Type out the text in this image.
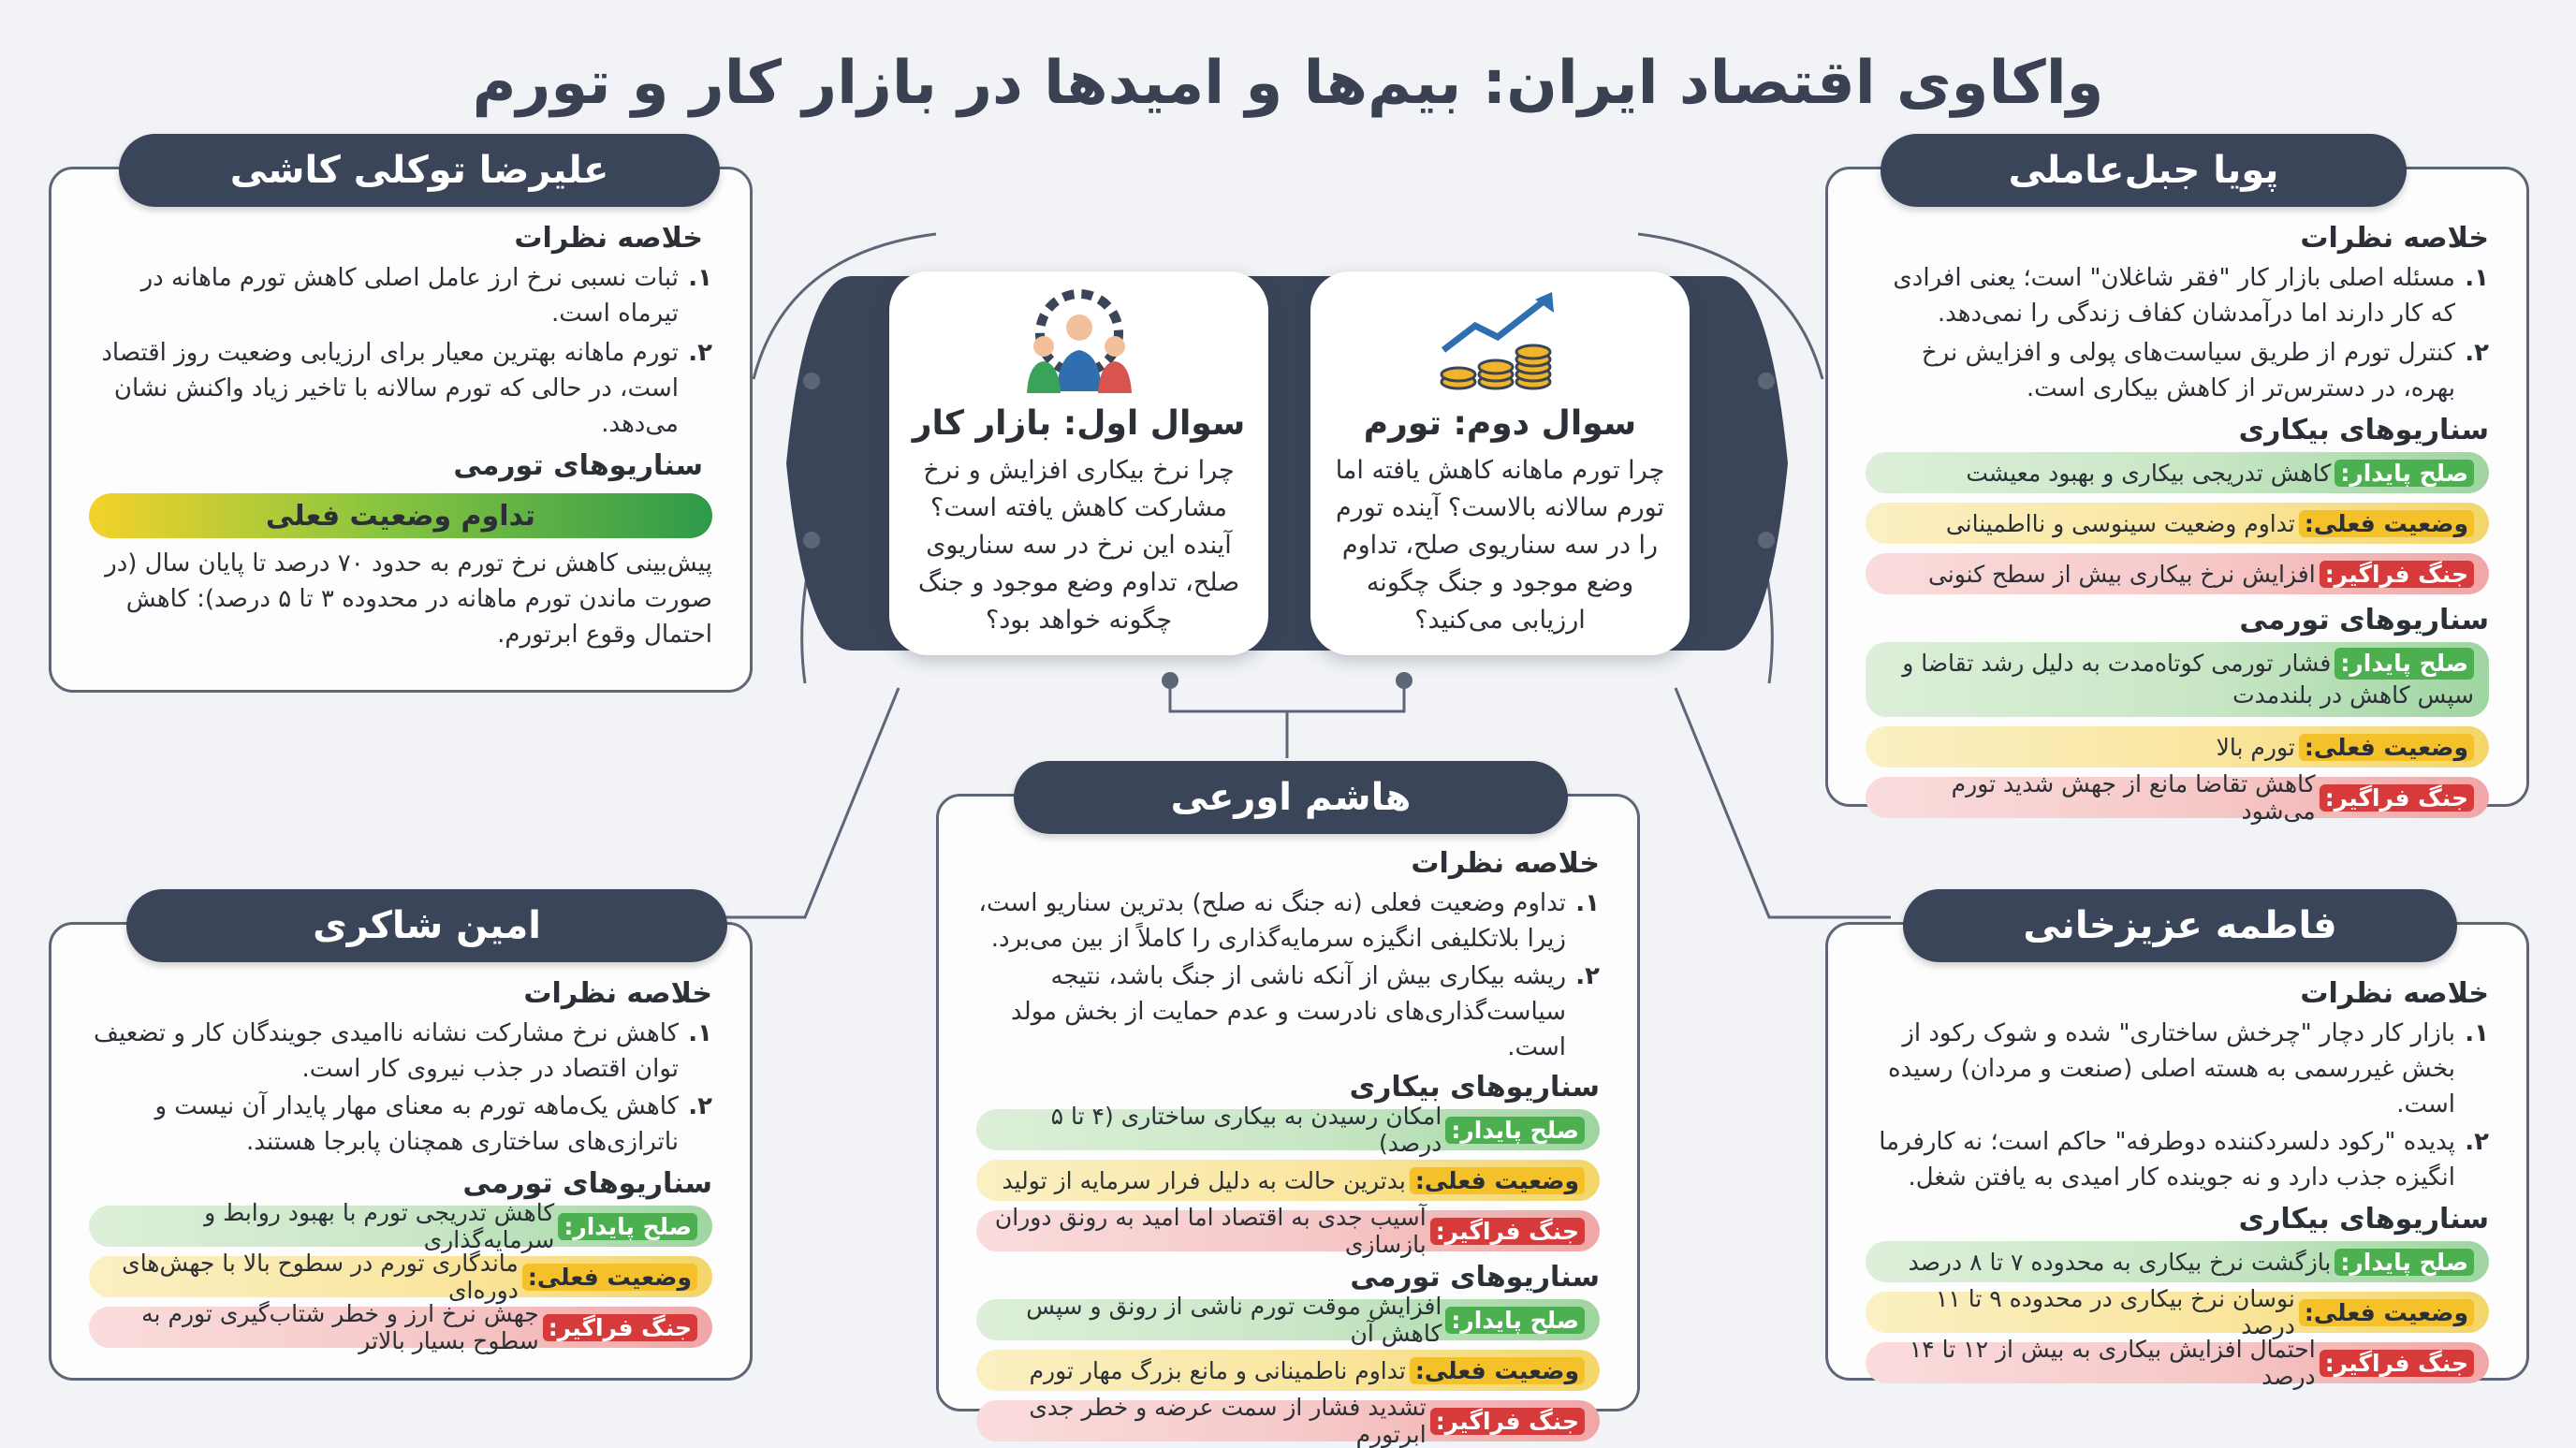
واکاوی اقتصاد ایران: بیم‌ها و امیدها در بازار کار و تورم
سوال اول: بازار کار
چرا نرخ بیکاری افزایش و نرخ مشارکت کاهش یافته است؟ آینده این نرخ در سه سناریوی صلح، تداوم وضع موجود و جنگ چگونه خواهد بود؟
سوال دوم: تورم
چرا تورم ماهانه کاهش یافته اما تورم سالانه بالاست؟ آینده تورم را در سه سناریوی صلح، تداوم وضع موجود و جنگ چگونه ارزیابی می‌کنید؟
علیرضا توکلی کاشی
خلاصه نظرات
۱.
ثبات نسبی نرخ ارز عامل اصلی کاهش تورم ماهانه در تیرماه است.
۲.
تورم ماهانه بهترین معیار برای ارزیابی وضعیت روز اقتصاد است، در حالی که تورم سالانه با تاخیر زیاد واکنش نشان می‌دهد.
سناریوهای تورمی
تداوم وضعیت فعلی
پیش‌بینی کاهش نرخ تورم به حدود ۷۰ درصد تا پایان سال (در صورت ماندن تورم ماهانه در محدوده ۳ تا ۵ درصد): کاهش احتمال وقوع ابرتورم.
پویا جبل‌عاملی
خلاصه نظرات
۱.
مسئله اصلی بازار کار "فقر شاغلان" است؛ یعنی افرادی که کار دارند اما درآمدشان کفاف زندگی را نمی‌دهد.
۲.
کنترل تورم از طریق سیاست‌های پولی و افزایش نرخ بهره، در دسترس‌تر از کاهش بیکاری است.
سناریوهای بیکاری
صلح پایدار:
کاهش تدریجی بیکاری و بهبود معیشت
وضعیت فعلی:
تداوم وضعیت سینوسی و نااطمینانی
جنگ فراگیر:
افزایش نرخ بیکاری بیش از سطح کنونی
سناریوهای تورمی
صلح پایدار:فشار تورمی کوتاه‌مدت به دلیل رشد تقاضا و سپس کاهش در بلندمدت
وضعیت فعلی:
تورم بالا
جنگ فراگیر:
کاهش تقاضا مانع از جهش شدید تورم می‌شود
هاشم اورعی
خلاصه نظرات
۱.
تداوم وضعیت فعلی (نه جنگ نه صلح) بدترین سناریو است، زیرا بلاتکلیفی انگیزه سرمایه‌گذاری را کاملاً از بین می‌برد.
۲.
ریشه بیکاری بیش از آنکه ناشی از جنگ باشد، نتیجه سیاست‌گذاری‌های نادرست و عدم حمایت از بخش مولد است.
سناریوهای بیکاری
صلح پایدار:
امکان رسیدن به بیکاری ساختاری (۴ تا ۵ درصد)
وضعیت فعلی:
بدترین حالت به دلیل فرار سرمایه از تولید
جنگ فراگیر:
آسیب جدی به اقتصاد اما امید به رونق دوران بازسازی
سناریوهای تورمی
صلح پایدار:
افزایش موقت تورم ناشی از رونق و سپس کاهش آن
وضعیت فعلی:
تداوم ناطمینانی و مانع بزرگ مهار تورم
جنگ فراگیر:
تشدید فشار از سمت عرضه و خطر جدی ابرتورم
امین شاکری
خلاصه نظرات
۱.
کاهش نرخ مشارکت نشانه ناامیدی جویندگان کار و تضعیف توان اقتصاد در جذب نیروی کار است.
۲.
کاهش یک‌ماهه تورم به معنای مهار پایدار آن نیست و ناترازی‌های ساختاری همچنان پابرجا هستند.
سناریوهای تورمی
صلح پایدار:
کاهش تدریجی تورم با بهبود روابط و سرمایه‌گذاری
وضعیت فعلی:
ماندگاری تورم در سطوح بالا با جهش‌های دوره‌ای
جنگ فراگیر:
جهش نرخ ارز و خطر شتاب‌گیری تورم به سطوح بسیار بالاتر
فاطمه عزیزخانی
خلاصه نظرات
۱.
بازار کار دچار "چرخش ساختاری" شده و شوک رکود از بخش غیررسمی به هسته اصلی (صنعت و مردان) رسیده است.
۲.
پدیده "رکود دلسردکننده دوطرفه" حاکم است؛ نه کارفرما انگیزه جذب دارد و نه جوینده کار امیدی به یافتن شغل.
سناریوهای بیکاری
صلح پایدار:
بازگشت نرخ بیکاری به محدوده ۷ تا ۸ درصد
وضعیت فعلی:
نوسان نرخ بیکاری در محدوده ۹ تا ۱۱ درصد
جنگ فراگیر:
احتمال افزایش بیکاری به بیش از ۱۲ تا ۱۴ درصد
